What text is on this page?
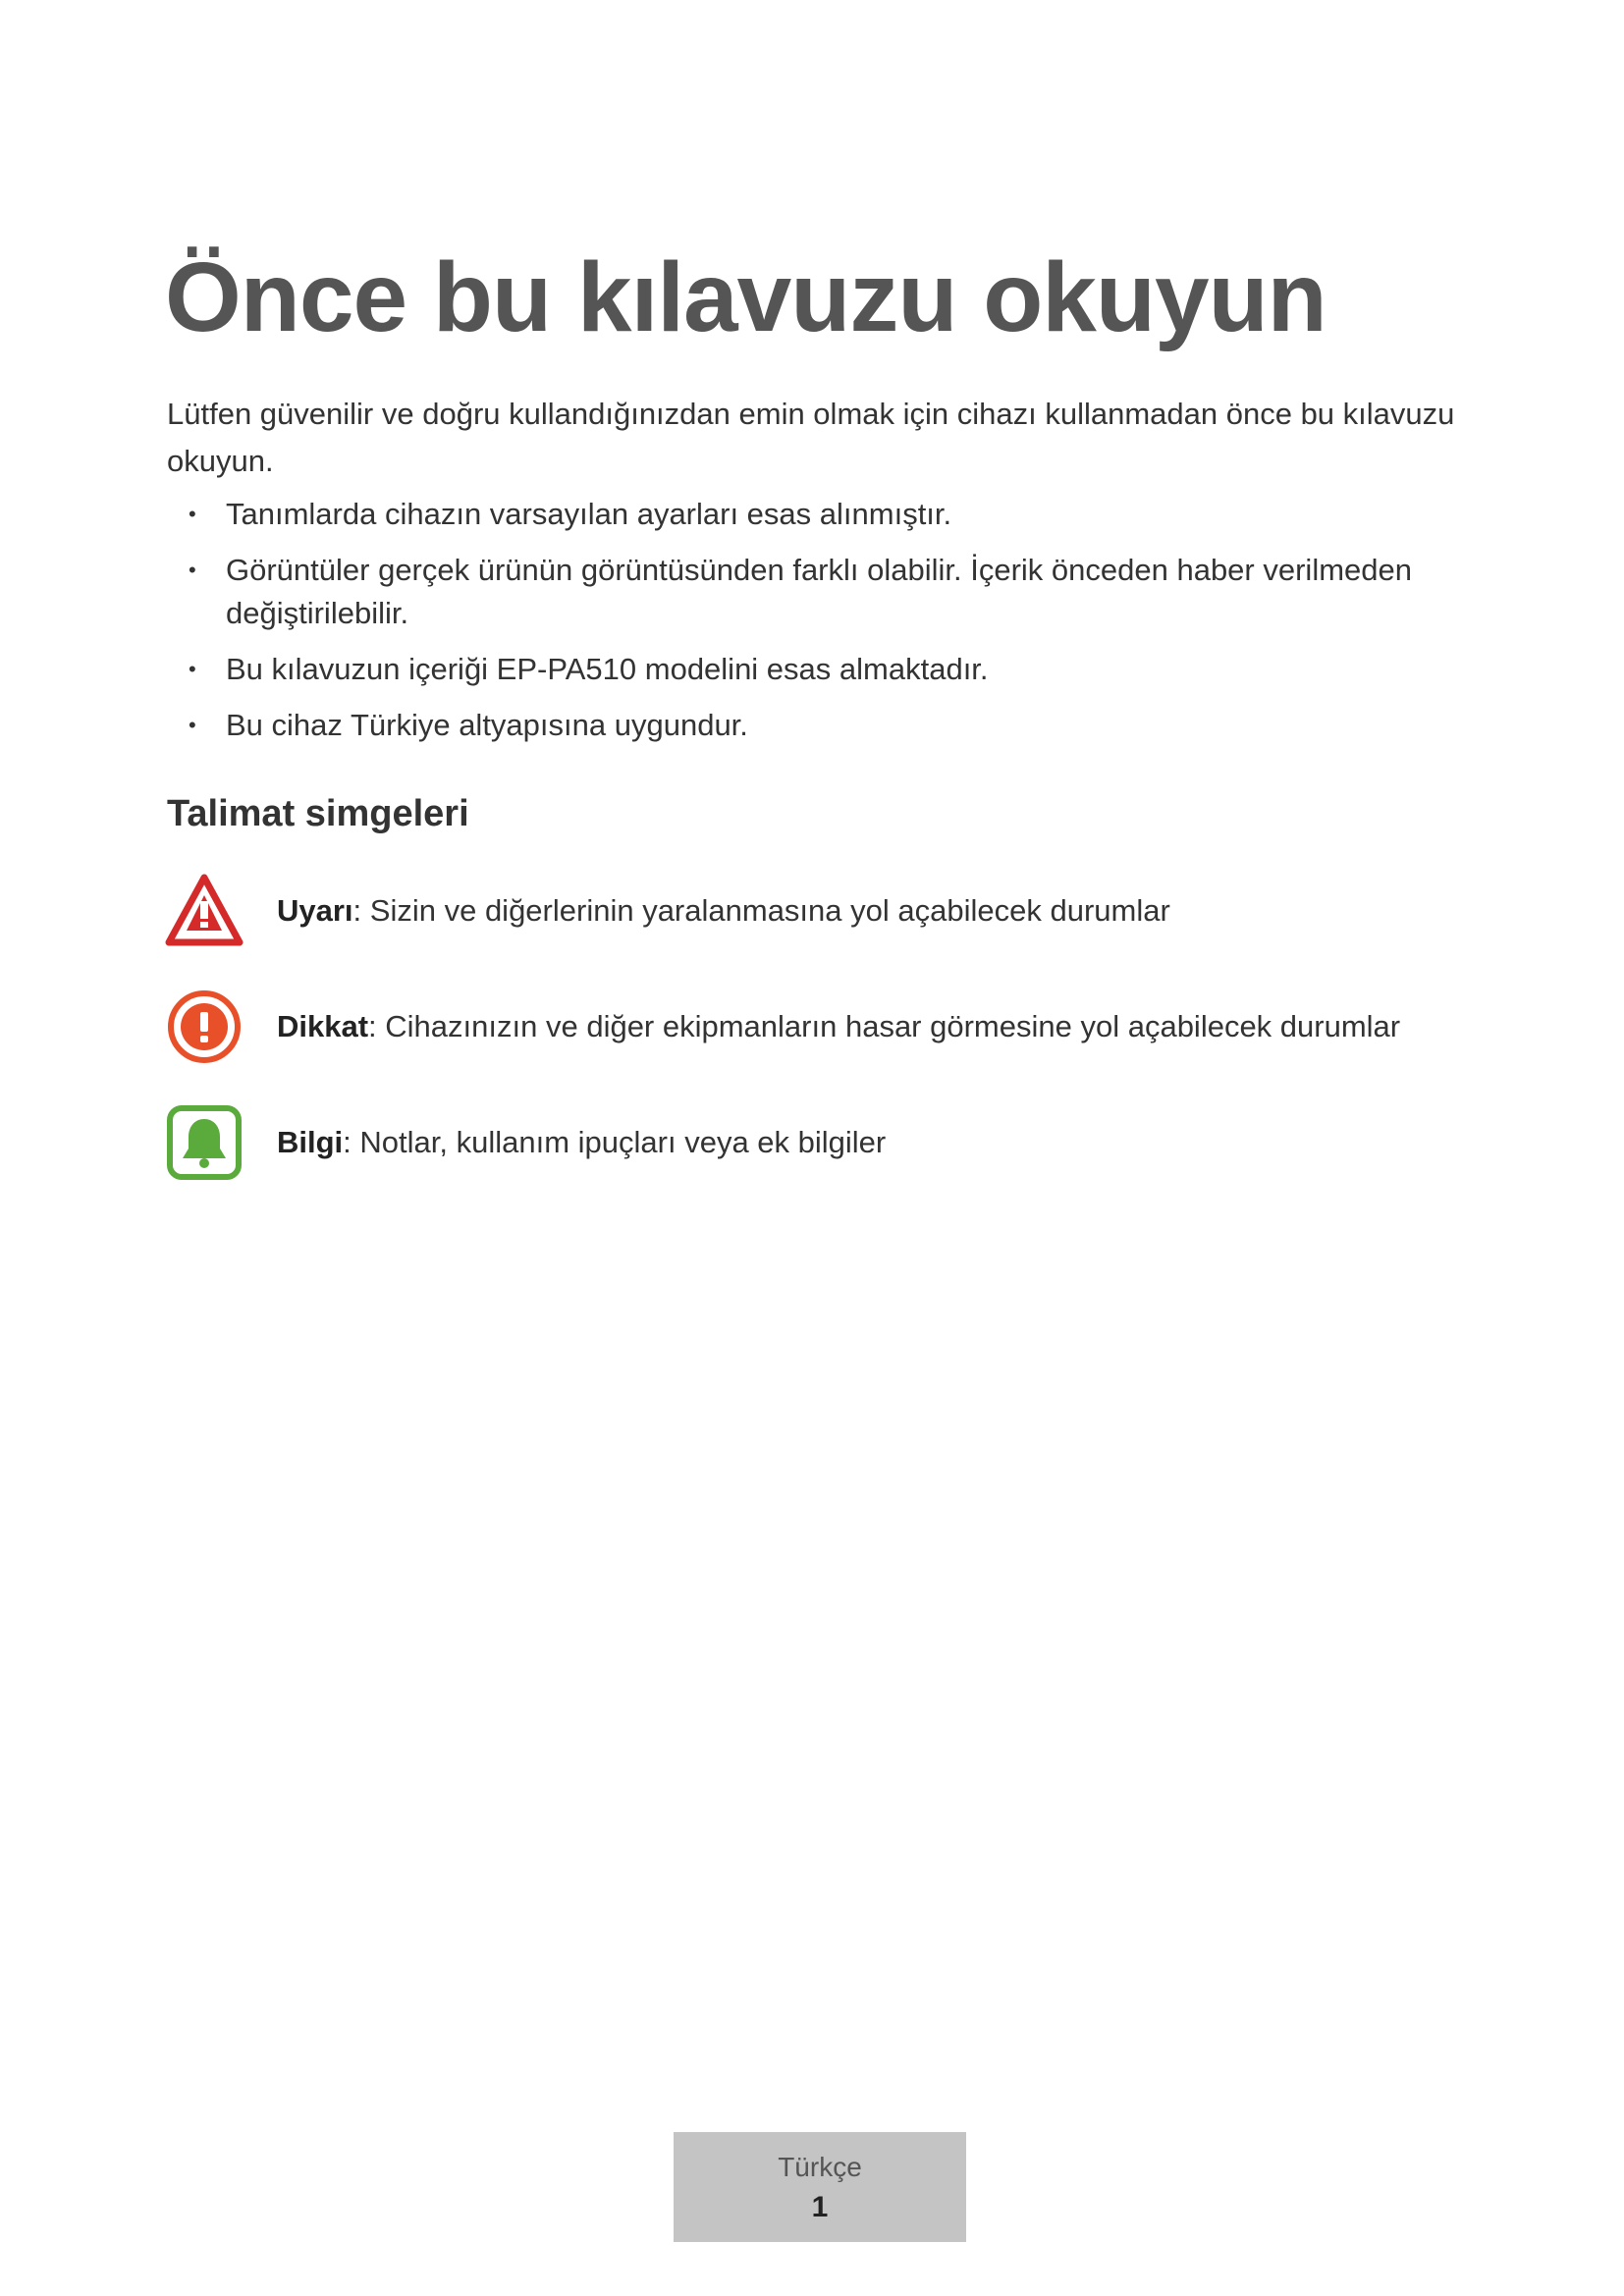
Önce bu kılavuzu okuyun
Lütfen güvenilir ve doğru kullandığınızdan emin olmak için cihazı kullanmadan önce bu kılavuzu okuyun.
• Tanımlarda cihazın varsayılan ayarları esas alınmıştır.
• Görüntüler gerçek ürünün görüntüsünden farklı olabilir. İçerik önceden haber verilmeden değiştirilebilir.
• Bu kılavuzun içeriği EP-PA510 modelini esas almaktadır.
• Bu cihaz Türkiye altyapısına uygundur.
Talimat simgeleri
Uyarı: Sizin ve diğerlerinin yaralanmasına yol açabilecek durumlar
Dikkat: Cihazınızın ve diğer ekipmanların hasar görmesine yol açabilecek durumlar
Bilgi: Notlar, kullanım ipuçları veya ek bilgiler
Türkçe
1
